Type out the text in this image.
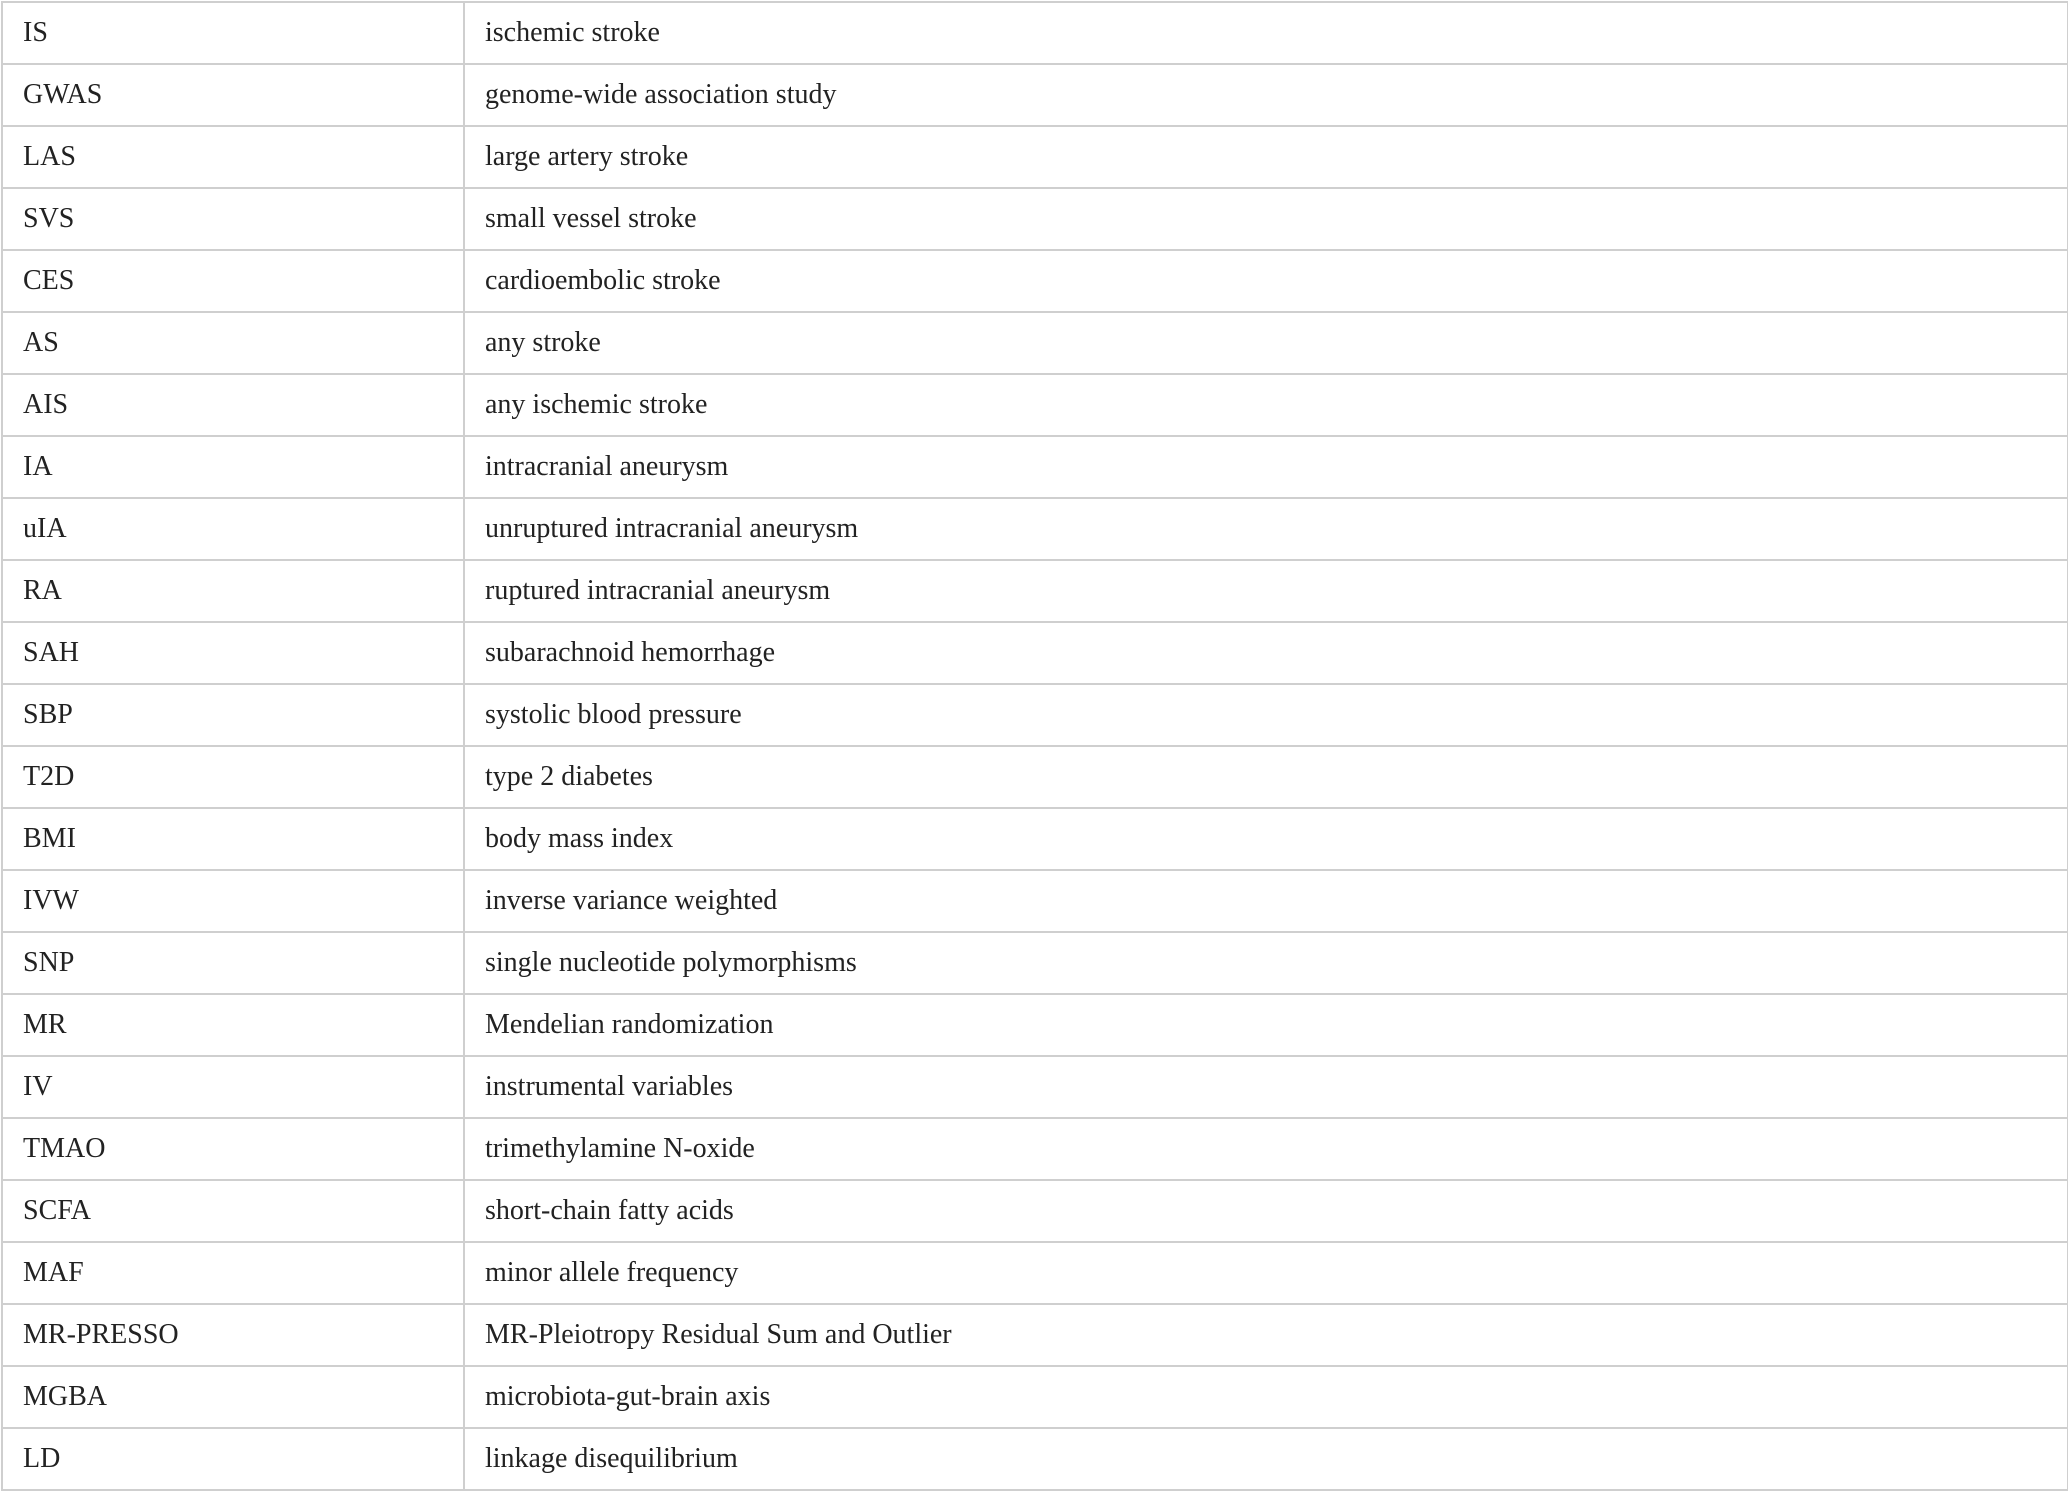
IS	ischemic stroke
GWAS	genome-wide association study
LAS	large artery stroke
SVS	small vessel stroke
CES	cardioembolic stroke
AS	any stroke
AIS	any ischemic stroke
IA	intracranial aneurysm
uIA	unruptured intracranial aneurysm
RA	ruptured intracranial aneurysm
SAH	subarachnoid hemorrhage
SBP	systolic blood pressure
T2D	type 2 diabetes
BMI	body mass index
IVW	inverse variance weighted
SNP	single nucleotide polymorphisms
MR	Mendelian randomization
IV	instrumental variables
TMAO	trimethylamine N-oxide
SCFA	short-chain fatty acids
MAF	minor allele frequency
MR-PRESSO	MR-Pleiotropy Residual Sum and Outlier
MGBA	microbiota-gut-brain axis
LD	linkage disequilibrium
